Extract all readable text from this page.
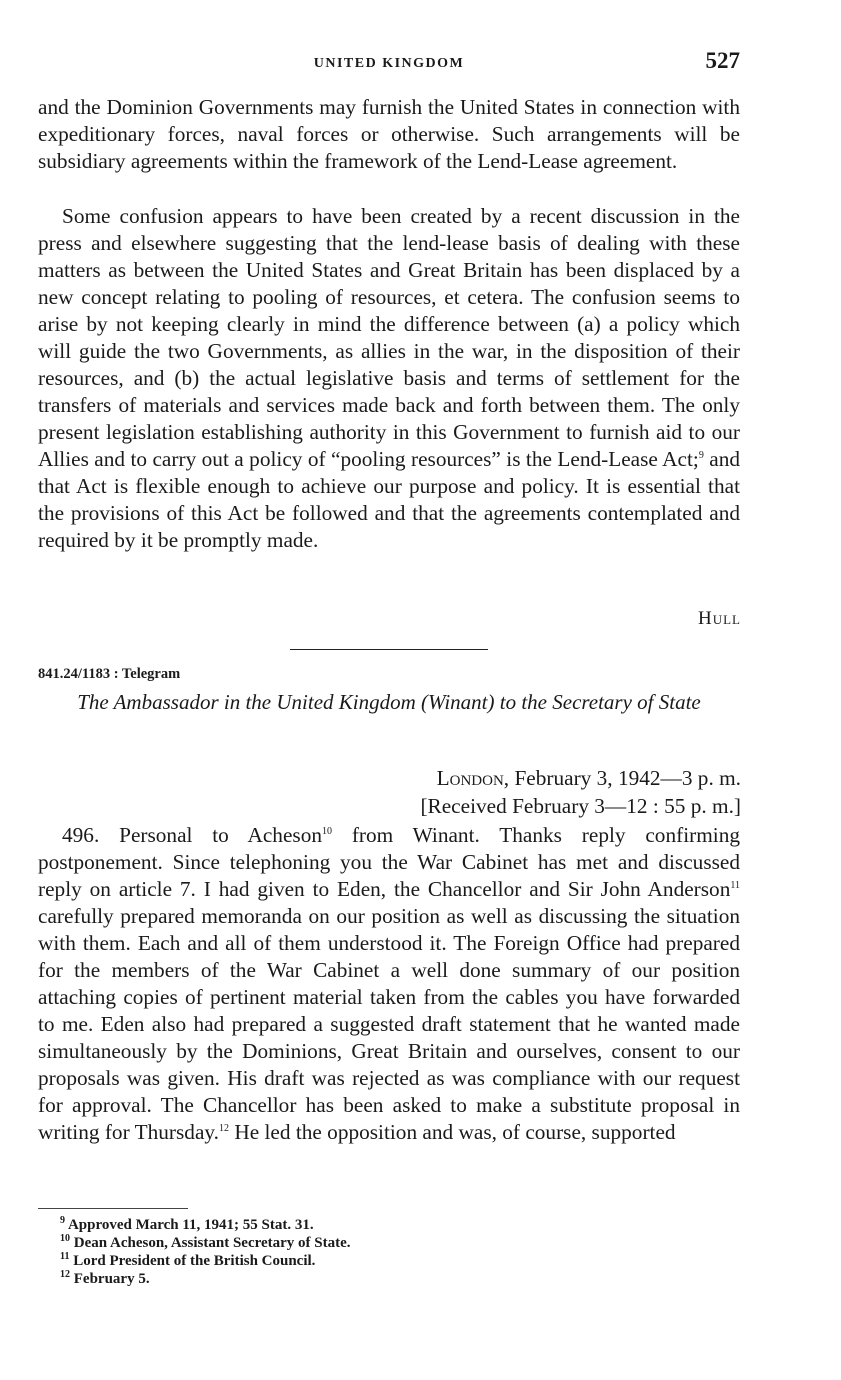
UNITED KINGDOM	527

and the Dominion Governments may furnish the United States in connection with expeditionary forces, naval forces or otherwise. Such arrangements will be subsidiary agreements within the framework of the Lend-Lease agreement.

Some confusion appears to have been created by a recent discussion in the press and elsewhere suggesting that the lend-lease basis of dealing with these matters as between the United States and Great Britain has been displaced by a new concept relating to pooling of resources, et cetera. The confusion seems to arise by not keeping clearly in mind the difference between (a) a policy which will guide the two Governments, as allies in the war, in the disposition of their resources, and (b) the actual legislative basis and terms of settlement for the transfers of materials and services made back and forth between them. The only present legislation establishing authority in this Government to furnish aid to our Allies and to carry out a policy of “pooling resources” is the Lend-Lease Act;$^9$ and that Act is flexible enough to achieve our purpose and policy. It is essential that the provisions of this Act be followed and that the agreements contemplated and required by it be promptly made.

Hull
841.24/1183 : Telegram
The Ambassador in the United Kingdom (Winant) to the Secretary of State
London, February 3, 1942—3 p. m.
[Received February 3—12 : 55 p. m.]

496. Personal to Acheson$^{10}$ from Winant. Thanks reply confirming postponement. Since telephoning you the War Cabinet has met and discussed reply on article 7. I had given to Eden, the Chancellor and Sir John Anderson$^{11}$ carefully prepared memoranda on our position as well as discussing the situation with them. Each and all of them understood it. The Foreign Office had prepared for the members of the War Cabinet a well done summary of our position attaching copies of pertinent material taken from the cables you have forwarded to me. Eden also had prepared a suggested draft statement that he wanted made simultaneously by the Dominions, Great Britain and ourselves, consent to our proposals was given. His draft was rejected as was compliance with our request for approval. The Chancellor has been asked to make a substitute proposal in writing for Thursday.$^{12}$ He led the opposition and was, of course, supported

$^9$ Approved March 11, 1941; 55 Stat. 31.

$^{10}$ Dean Acheson, Assistant Secretary of State.

$^{11}$ Lord President of the British Council.

$^{12}$ February 5.
